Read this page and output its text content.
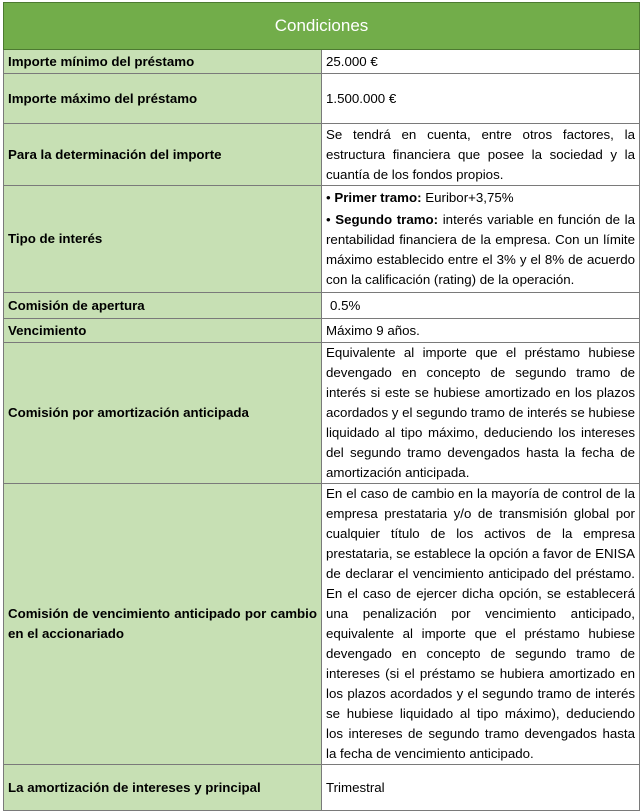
Condiciones	
Importe mínimo del préstamo	25.000 €
Importe máximo del préstamo	1.500.000 €
Para la determinación del importe	Se tendrá en cuenta, entre otros factores, la estructura financiera que posee la sociedad y la cuantía de los fondos propios.
Tipo de interés	• Primer tramo: Euribor+3,75%
• Segundo tramo: interés variable en función de la rentabilidad financiera de la empresa. Con un límite máximo establecido entre el 3% y el 8% de acuerdo con la calificación (rating) de la operación.

Comisión de apertura	0.5%
Vencimiento	Máximo 9 años.
Comisión por amortización anticipada	Equivalente al importe que el préstamo hubiese devengado en concepto de segundo tramo de interés si este se hubiese amortizado en los plazos acordados y el segundo tramo de interés se hubiese liquidado al tipo máximo, deduciendo los intereses del segundo tramo devengados hasta la fecha de amortización anticipada.
Comisión de vencimiento anticipado por cambio en el accionariado	En el caso de cambio en la mayoría de control de la empresa prestataria y/o de transmisión global por cualquier título de los activos de la empresa prestataria, se establece la opción a favor de ENISA de declarar el vencimiento anticipado del préstamo. En el caso de ejercer dicha opción, se establecerá una penalización por vencimiento anticipado, equivalente al importe que el préstamo hubiese devengado en concepto de segundo tramo de intereses (si el préstamo se hubiera amortizado en los plazos acordados y el segundo tramo de interés se hubiese liquidado al tipo máximo), deduciendo los intereses de segundo tramo devengados hasta la fecha de vencimiento anticipado.
La amortización de intereses y principal	Trimestral
